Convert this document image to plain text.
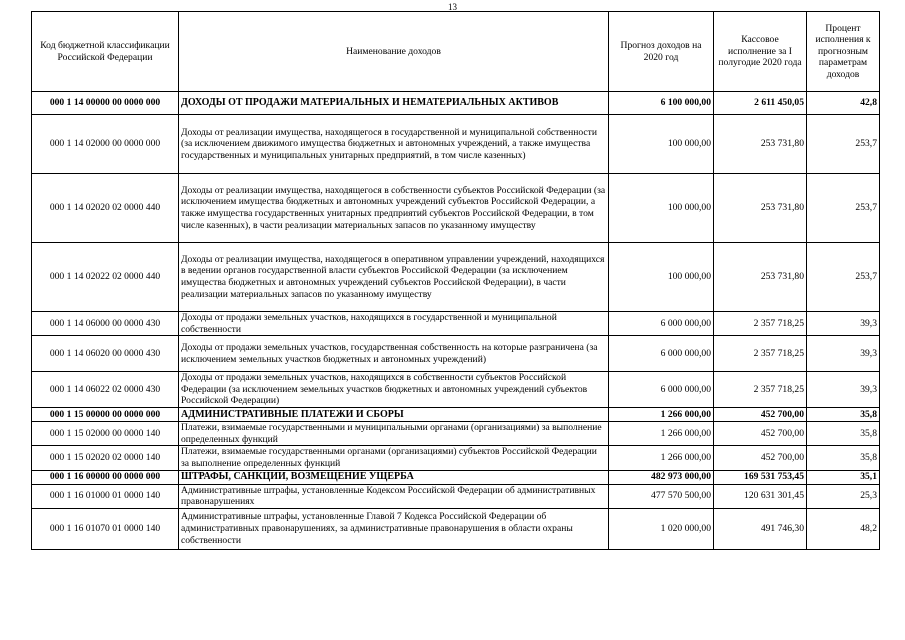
13
Код бюджетной классификации Российской Федерации	Наименование доходов	Прогноз доходов на 2020 год	Кассовое исполнение за I полугодие 2020 года	Процент исполнения к прогнозным параметрам доходов
000 1 14 00000 00 0000 000	ДОХОДЫ ОТ ПРОДАЖИ МАТЕРИАЛЬНЫХ И НЕМАТЕРИАЛЬНЫХ АКТИВОВ	6 100 000,00	2 611 450,05	42,8
000 1 14 02000 00 0000 000	Доходы от реализации имущества, находящегося в государственной и муниципальной собственности (за исключением движимого имущества бюджетных и автономных учреждений, а также имущества государственных и муниципальных унитарных предприятий, в том числе казенных)	100 000,00	253 731,80	253,7
000 1 14 02020 02 0000 440	Доходы от реализации имущества, находящегося в собственности субъектов Российской Федерации (за исключением имущества бюджетных и автономных учреждений субъектов Российской Федерации, а также имущества государственных унитарных предприятий субъектов Российской Федерации, в том числе казенных), в части реализации материальных запасов по указанному имуществу	100 000,00	253 731,80	253,7
000 1 14 02022 02 0000 440	Доходы от реализации имущества, находящегося в оперативном управлении учреждений, находящихся в ведении органов государственной власти субъектов Российской Федерации (за исключением имущества бюджетных и автономных учреждений субъектов Российской Федерации), в части реализации материальных запасов по указанному имуществу	100 000,00	253 731,80	253,7
000 1 14 06000 00 0000 430	Доходы от продажи земельных участков, находящихся в государственной и муниципальной собственности	6 000 000,00	2 357 718,25	39,3
000 1 14 06020 00 0000 430	Доходы от продажи земельных участков, государственная собственность на которые разграничена (за исключением земельных участков бюджетных и автономных учреждений)	6 000 000,00	2 357 718,25	39,3
000 1 14 06022 02 0000 430	Доходы от продажи земельных участков, находящихся в собственности субъектов Российской Федерации (за исключением земельных участков бюджетных и автономных учреждений субъектов Российской Федерации)	6 000 000,00	2 357 718,25	39,3
000 1 15 00000 00 0000 000	АДМИНИСТРАТИВНЫЕ ПЛАТЕЖИ И СБОРЫ	1 266 000,00	452 700,00	35,8
000 1 15 02000 00 0000 140	Платежи, взимаемые государственными и муниципальными органами (организациями) за выполнение определенных функций	1 266 000,00	452 700,00	35,8
000 1 15 02020 02 0000 140	Платежи, взимаемые государственными органами (организациями) субъектов Российской Федерации за выполнение определенных функций	1 266 000,00	452 700,00	35,8
000 1 16 00000 00 0000 000	ШТРАФЫ, САНКЦИИ, ВОЗМЕЩЕНИЕ УЩЕРБА	482 973 000,00	169 531 753,45	35,1
000 1 16 01000 01 0000 140	Административные штрафы, установленные Кодексом Российской Федерации об административных правонарушениях	477 570 500,00	120 631 301,45	25,3
000 1 16 01070 01 0000 140	Административные штрафы, установленные Главой 7 Кодекса Российской Федерации об административных правонарушениях, за административные правонарушения в области охраны собственности	1 020 000,00	491 746,30	48,2
